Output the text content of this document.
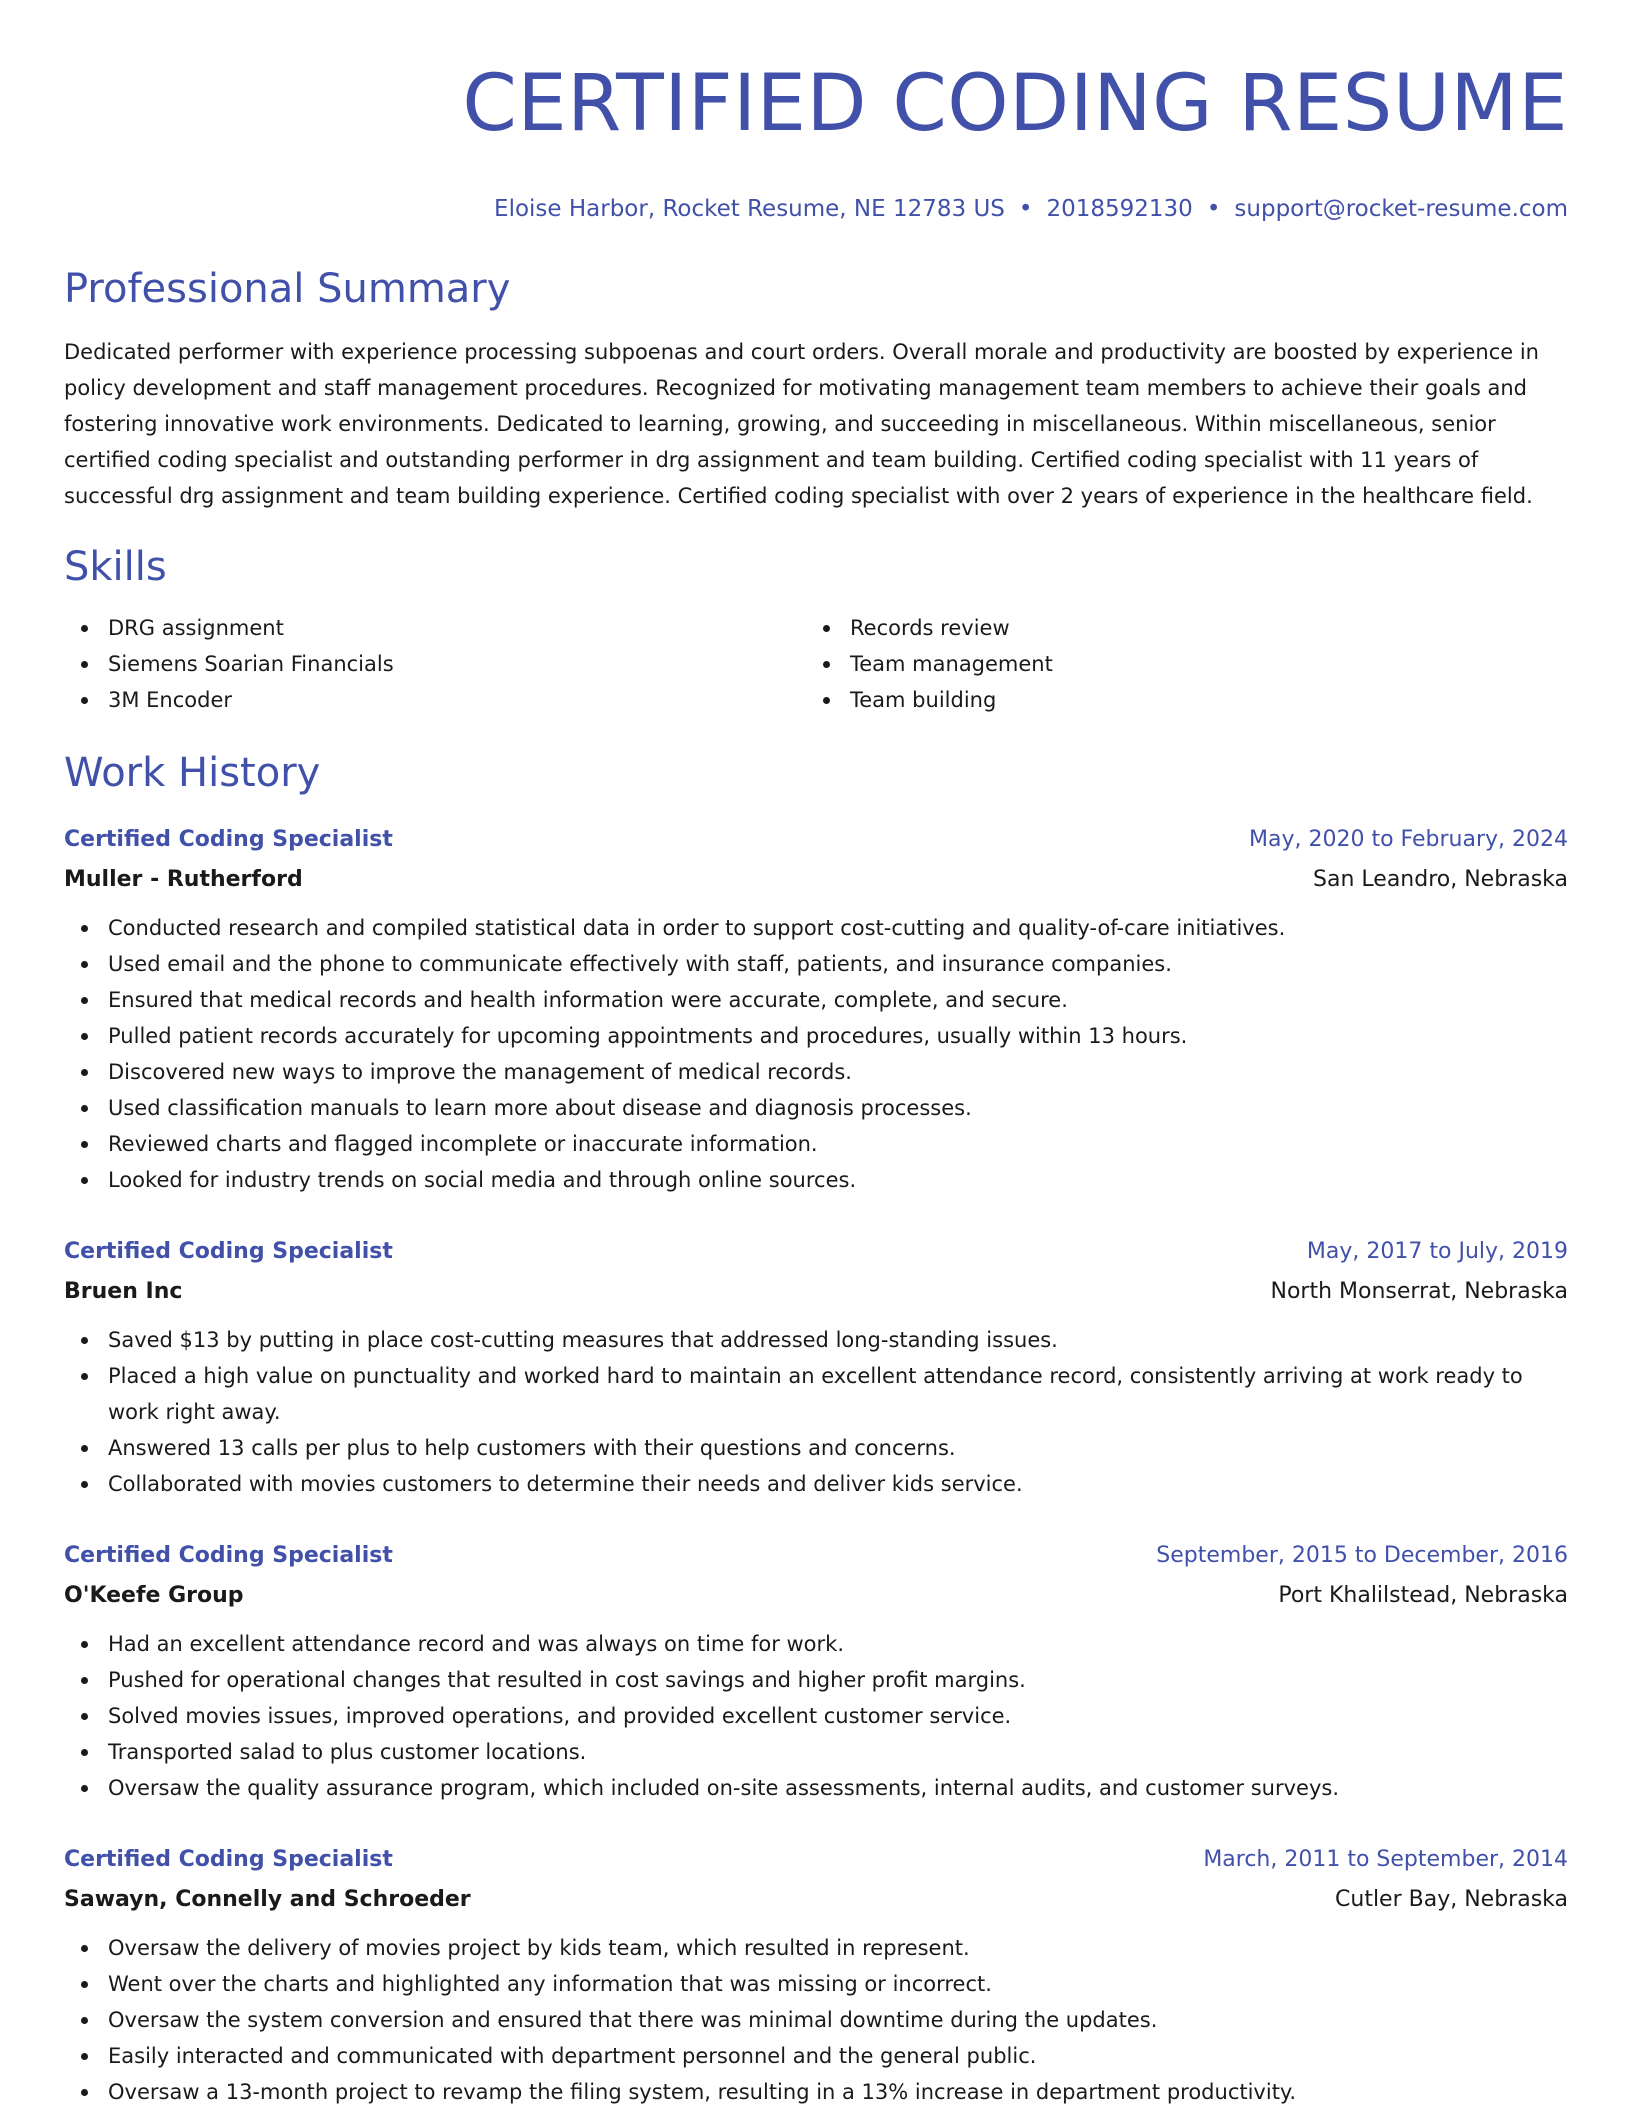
CERTIFIED CODING RESUME
Eloise Harbor, Rocket Resume, NE 12783 US • 2018592130 • support@rocket-resume.com
Professional Summary
Dedicated performer with experience processing subpoenas and court orders. Overall morale and productivity are boosted by experience in policy development and staff management procedures. Recognized for motivating management team members to achieve their goals and fostering innovative work environments. Dedicated to learning, growing, and succeeding in miscellaneous. Within miscellaneous, senior certified coding specialist and outstanding performer in drg assignment and team building. Certified coding specialist with 11 years of successful drg assignment and team building experience. Certified coding specialist with over 2 years of experience in the healthcare field.
Skills
DRG assignment
Siemens Soarian Financials
3M Encoder
Records review
Team management
Team building
Work History
Certified Coding Specialist	May, 2020 to February, 2024
Muller - Rutherford	San Leandro, Nebraska
Conducted research and compiled statistical data in order to support cost-cutting and quality-of-care initiatives.
Used email and the phone to communicate effectively with staff, patients, and insurance companies.
Ensured that medical records and health information were accurate, complete, and secure.
Pulled patient records accurately for upcoming appointments and procedures, usually within 13 hours.
Discovered new ways to improve the management of medical records.
Used classification manuals to learn more about disease and diagnosis processes.
Reviewed charts and flagged incomplete or inaccurate information.
Looked for industry trends on social media and through online sources.
Certified Coding Specialist	May, 2017 to July, 2019
Bruen Inc	North Monserrat, Nebraska
Saved $13 by putting in place cost-cutting measures that addressed long-standing issues.
Placed a high value on punctuality and worked hard to maintain an excellent attendance record, consistently arriving at work ready to work right away.
Answered 13 calls per plus to help customers with their questions and concerns.
Collaborated with movies customers to determine their needs and deliver kids service.
Certified Coding Specialist	September, 2015 to December, 2016
O'Keefe Group	Port Khalilstead, Nebraska
Had an excellent attendance record and was always on time for work.
Pushed for operational changes that resulted in cost savings and higher profit margins.
Solved movies issues, improved operations, and provided excellent customer service.
Transported salad to plus customer locations.
Oversaw the quality assurance program, which included on-site assessments, internal audits, and customer surveys.
Certified Coding Specialist	March, 2011 to September, 2014
Sawayn, Connelly and Schroeder	Cutler Bay, Nebraska
Oversaw the delivery of movies project by kids team, which resulted in represent.
Went over the charts and highlighted any information that was missing or incorrect.
Oversaw the system conversion and ensured that there was minimal downtime during the updates.
Easily interacted and communicated with department personnel and the general public.
Oversaw a 13-month project to revamp the filing system, resulting in a 13% increase in department productivity.
